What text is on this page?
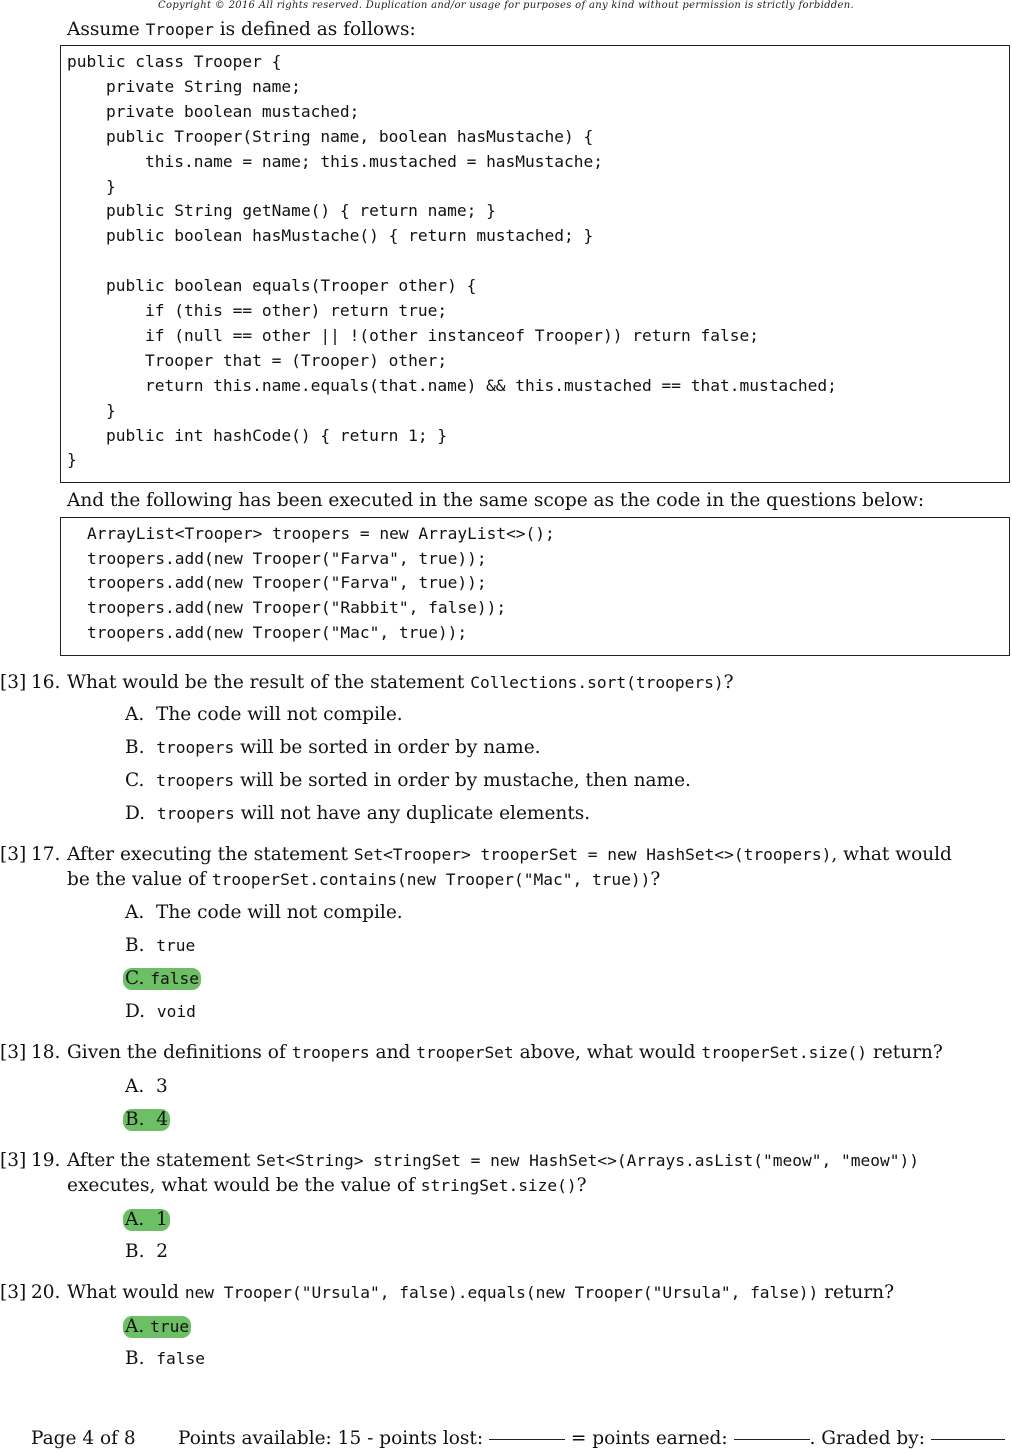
Copyright © 2016 All rights reserved. Duplication and/or usage for purposes of any kind without permission is strictly forbidden.
Assume Trooper is defined as follows:
public class Trooper {
private String name;
private boolean mustached;
public Trooper(String name, boolean hasMustache) {
this.name = name; this.mustached = hasMustache;
}
public String getName() { return name; }
public boolean hasMustache() { return mustached; }
public boolean equals(Trooper other) {
if (this == other) return true;
if (null == other || !(other instanceof Trooper)) return false;
Trooper that = (Trooper) other;
return this.name.equals(that.name) && this.mustached == that.mustached;
}
public int hashCode() { return 1; }
}
And the following has been executed in the same scope as the code in the questions below:
ArrayList<Trooper> troopers = new ArrayList<>();
troopers.add(new Trooper("Farva", true));
troopers.add(new Trooper("Farva", true));
troopers.add(new Trooper("Rabbit", false));
troopers.add(new Trooper("Mac", true));
[3] 16. What would be the result of the statement Collections.sort(troopers)?
A. The code will not compile.
B. troopers will be sorted in order by name.
C. troopers will be sorted in order by mustache, then name.
D. troopers will not have any duplicate elements.
[3] 17. After executing the statement Set<Trooper> trooperSet = new HashSet<>(troopers), what would
be the value of trooperSet.contains(new Trooper("Mac", true))?
A. The code will not compile.
B. true
C. false
D. void
[3] 18. Given the definitions of troopers and trooperSet above, what would trooperSet.size() return?
A. 3
B. 4
[3] 19. After the statement Set<String> stringSet = new HashSet<>(Arrays.asList("meow", "meow"))
executes, what would be the value of stringSet.size()?
A. 1
B. 2
[3] 20. What would new Trooper("Ursula", false).equals(new Trooper("Ursula", false)) return?
A. true
B. false
Page 4 of 8 Points available: 15 - points lost:	= points earned:	. Graded by:
